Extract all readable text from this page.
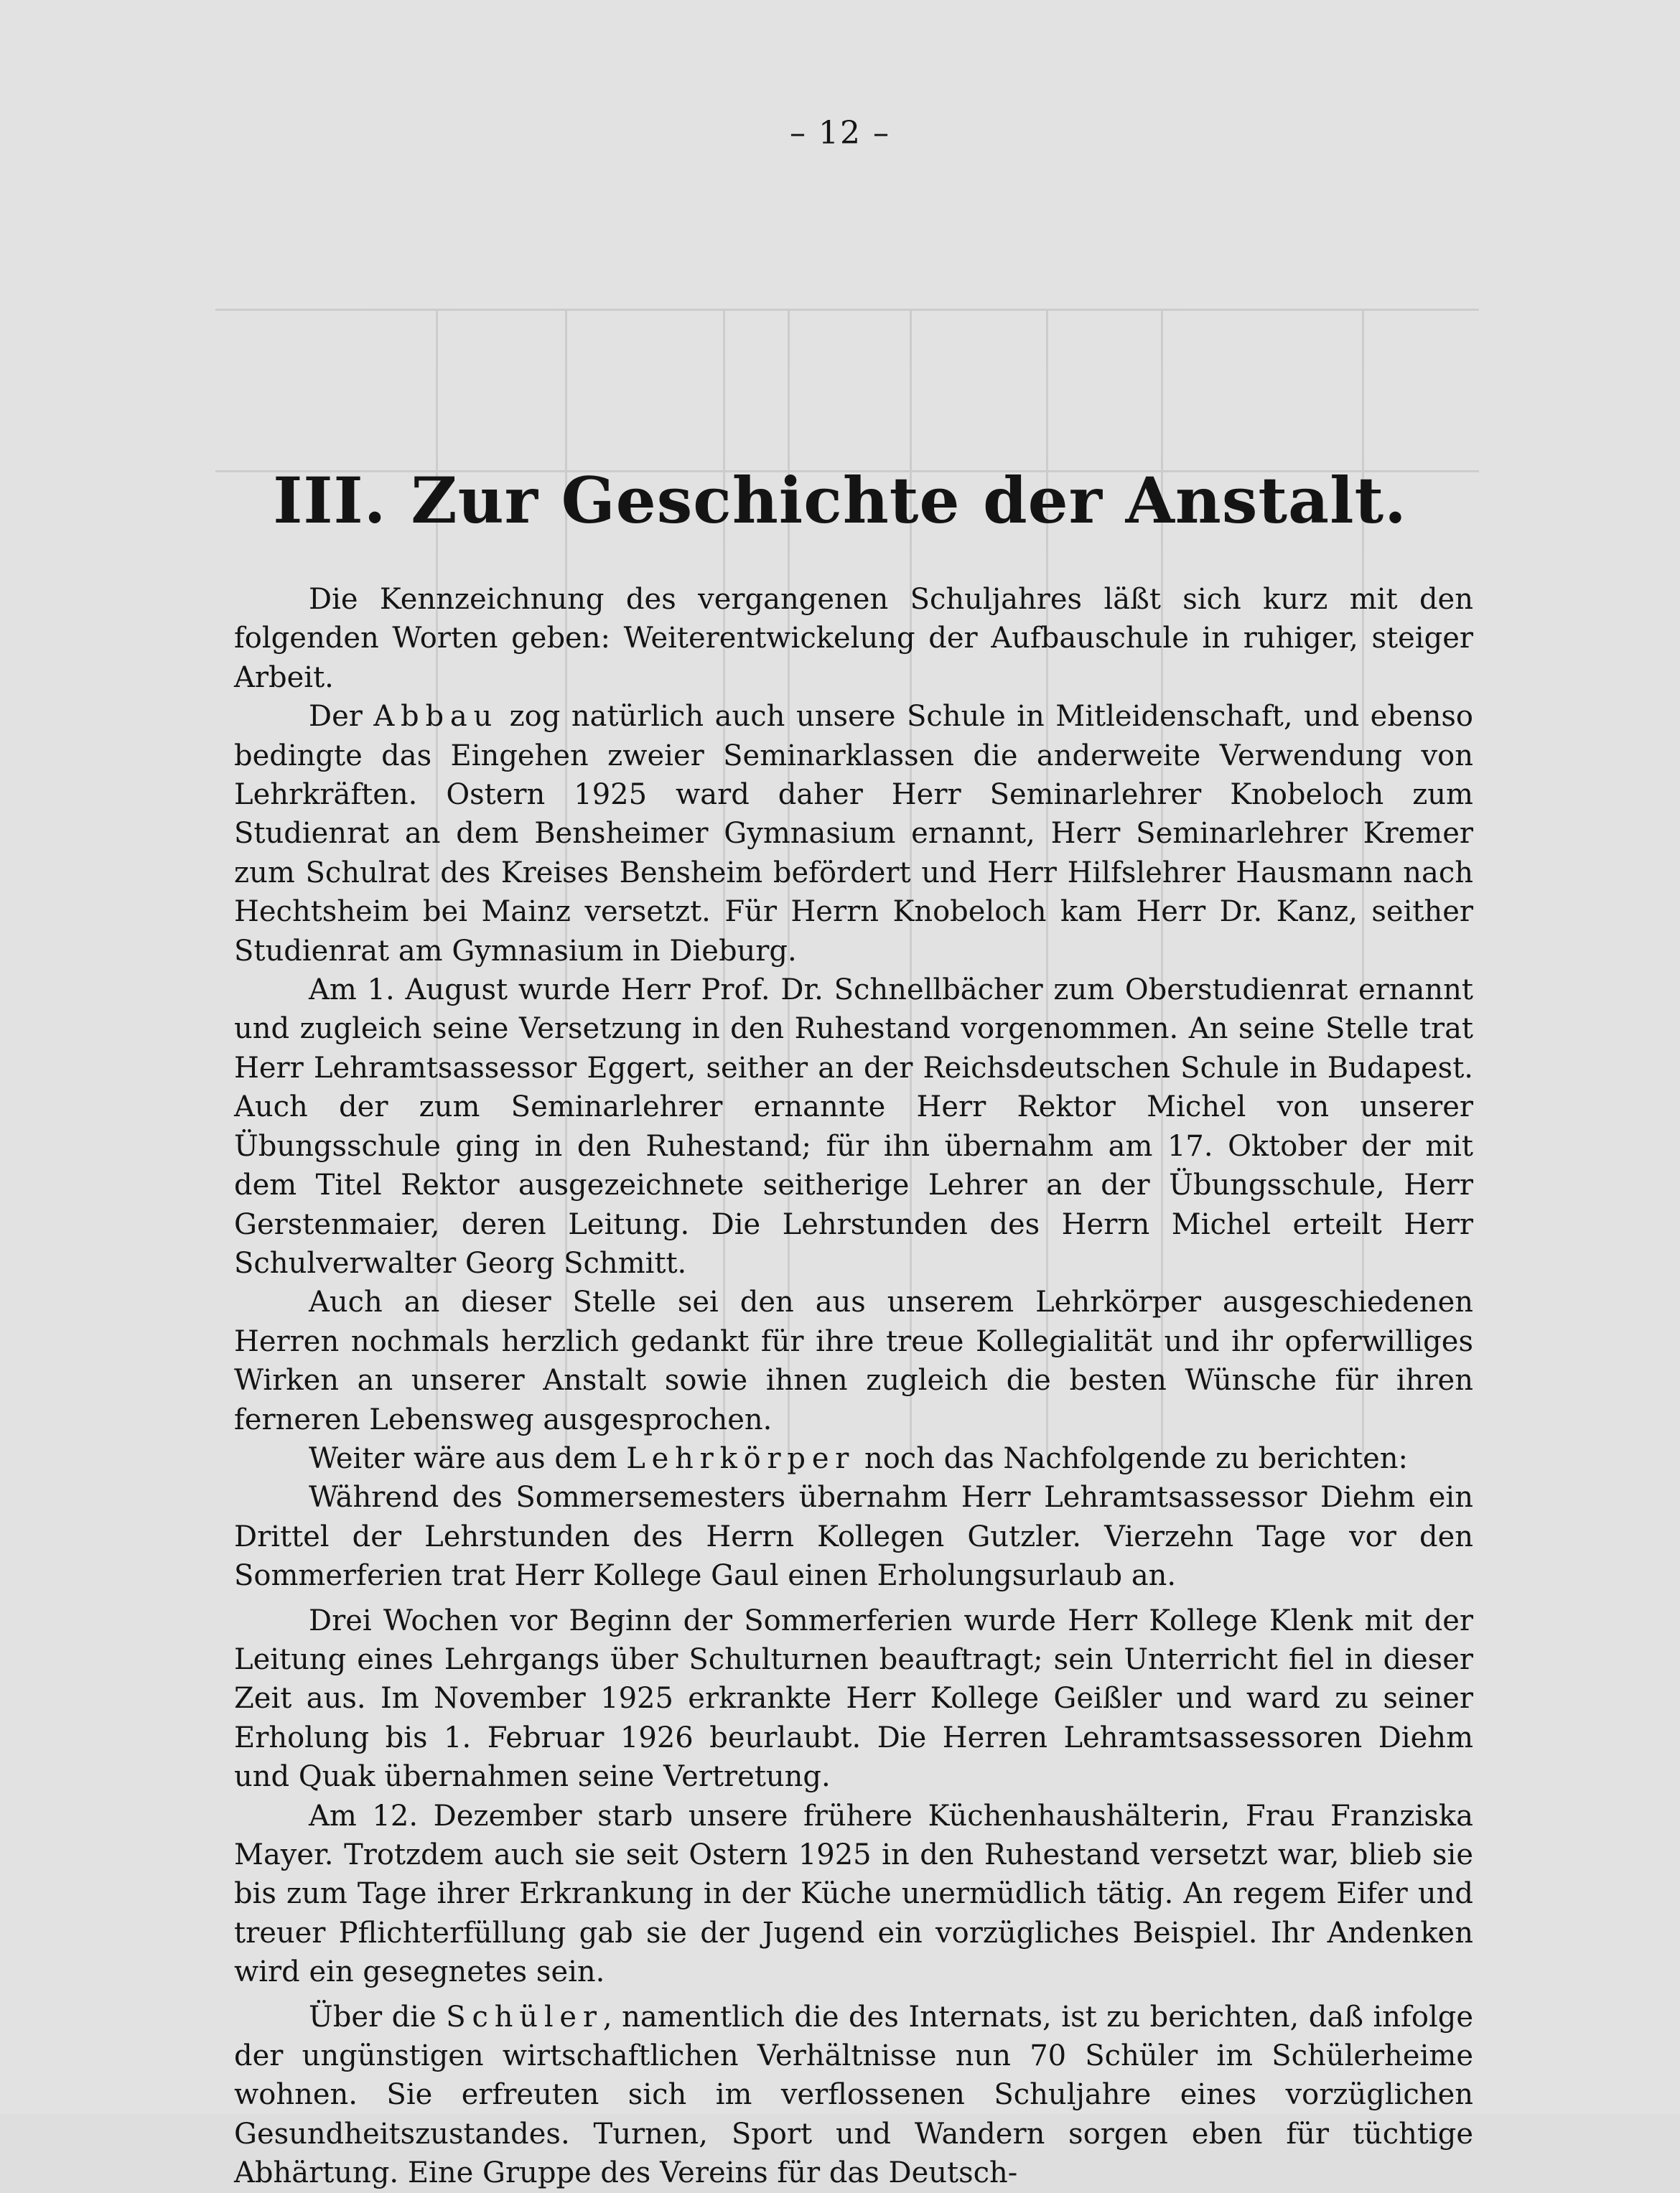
– 12 –
III. Zur Geschichte der Anstalt.

Die Kennzeichnung des vergangenen Schuljahres läßt sich kurz mit den folgenden Worten geben: Weiterentwickelung der Aufbauschule in ruhiger, steiger Arbeit.

Der Abbau zog natürlich auch unsere Schule in Mitleidenschaft, und ebenso bedingte das Eingehen zweier Seminarklassen die anderweite Verwendung von Lehrkräften. Ostern 1925 ward daher Herr Seminarlehrer Knobeloch zum Studienrat an dem Bensheimer Gymnasium ernannt, Herr Seminarlehrer Kremer zum Schulrat des Kreises Bensheim befördert und Herr Hilfslehrer Hausmann nach Hechtsheim bei Mainz versetzt. Für Herrn Knobeloch kam Herr Dr. Kanz, seither Studienrat am Gymnasium in Dieburg.

Am 1. August wurde Herr Prof. Dr. Schnellbächer zum Oberstudienrat ernannt und zugleich seine Versetzung in den Ruhestand vorgenommen. An seine Stelle trat Herr Lehramtsassessor Eggert, seither an der Reichsdeutschen Schule in Budapest. Auch der zum Seminarlehrer ernannte Herr Rektor Michel von unserer Übungsschule ging in den Ruhestand; für ihn übernahm am 17. Oktober der mit dem Titel Rektor ausgezeichnete seitherige Lehrer an der Übungsschule, Herr Gerstenmaier, deren Leitung. Die Lehrstunden des Herrn Michel erteilt Herr Schulverwalter Georg Schmitt.

Auch an dieser Stelle sei den aus unserem Lehrkörper ausgeschiedenen Herren nochmals herzlich gedankt für ihre treue Kollegialität und ihr opferwilliges Wirken an unserer Anstalt sowie ihnen zugleich die besten Wünsche für ihren ferneren Lebensweg ausgesprochen.

Weiter wäre aus dem Lehrkörper noch das Nachfolgende zu berichten:

Während des Sommersemesters übernahm Herr Lehramtsassessor Diehm ein Drittel der Lehrstunden des Herrn Kollegen Gutzler. Vierzehn Tage vor den Sommerferien trat Herr Kollege Gaul einen Erholungsurlaub an.

Drei Wochen vor Beginn der Sommerferien wurde Herr Kollege Klenk mit der Leitung eines Lehrgangs über Schulturnen beauftragt; sein Unterricht fiel in dieser Zeit aus. Im November 1925 erkrankte Herr Kollege Geißler und ward zu seiner Erholung bis 1. Februar 1926 beurlaubt. Die Herren Lehramtsassessoren Diehm und Quak übernahmen seine Vertretung.

Am 12. Dezember starb unsere frühere Küchenhaushälterin, Frau Franziska Mayer. Trotzdem auch sie seit Ostern 1925 in den Ruhestand versetzt war, blieb sie bis zum Tage ihrer Erkrankung in der Küche unermüdlich tätig. An regem Eifer und treuer Pflichterfüllung gab sie der Jugend ein vorzügliches Beispiel. Ihr Andenken wird ein gesegnetes sein.

Über die Schüler, namentlich die des Internats, ist zu berichten, daß infolge der ungünstigen wirtschaftlichen Verhältnisse nun 70 Schüler im Schülerheime wohnen. Sie erfreuten sich im verflossenen Schuljahre eines vorzüglichen Gesundheitszustandes. Turnen, Sport und Wandern sorgen eben für tüchtige Abhärtung. Eine Gruppe des Vereins für das Deutsch-
